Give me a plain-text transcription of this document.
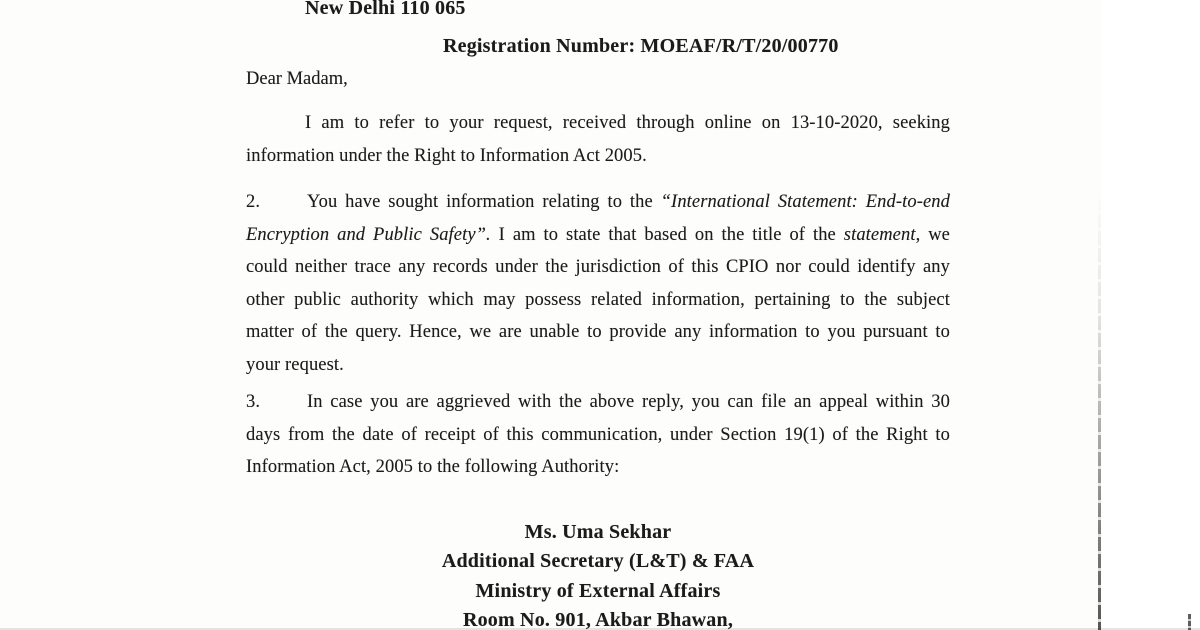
New Delhi 110 065
Registration Number: MOEAF/R/T/20/00770
Dear Madam,
I am to refer to your request, received through online on 13-10-2020, seeking
information under the Right to Information Act 2005.
2.	You have sought information relating to the “International Statement: End-to-end
Encryption and Public Safety”. I am to state that based on the title of the statement, we
could neither trace any records under the jurisdiction of this CPIO nor could identify any
other public authority which may possess related information, pertaining to the subject
matter of the query. Hence, we are unable to provide any information to you pursuant to
your request.
3.	In case you are aggrieved with the above reply, you can file an appeal within 30
days from the date of receipt of this communication, under Section 19(1) of the Right to
Information Act, 2005 to the following Authority:
Ms. Uma Sekhar
Additional Secretary (L&T) & FAA
Ministry of External Affairs
Room No. 901, Akbar Bhawan,
